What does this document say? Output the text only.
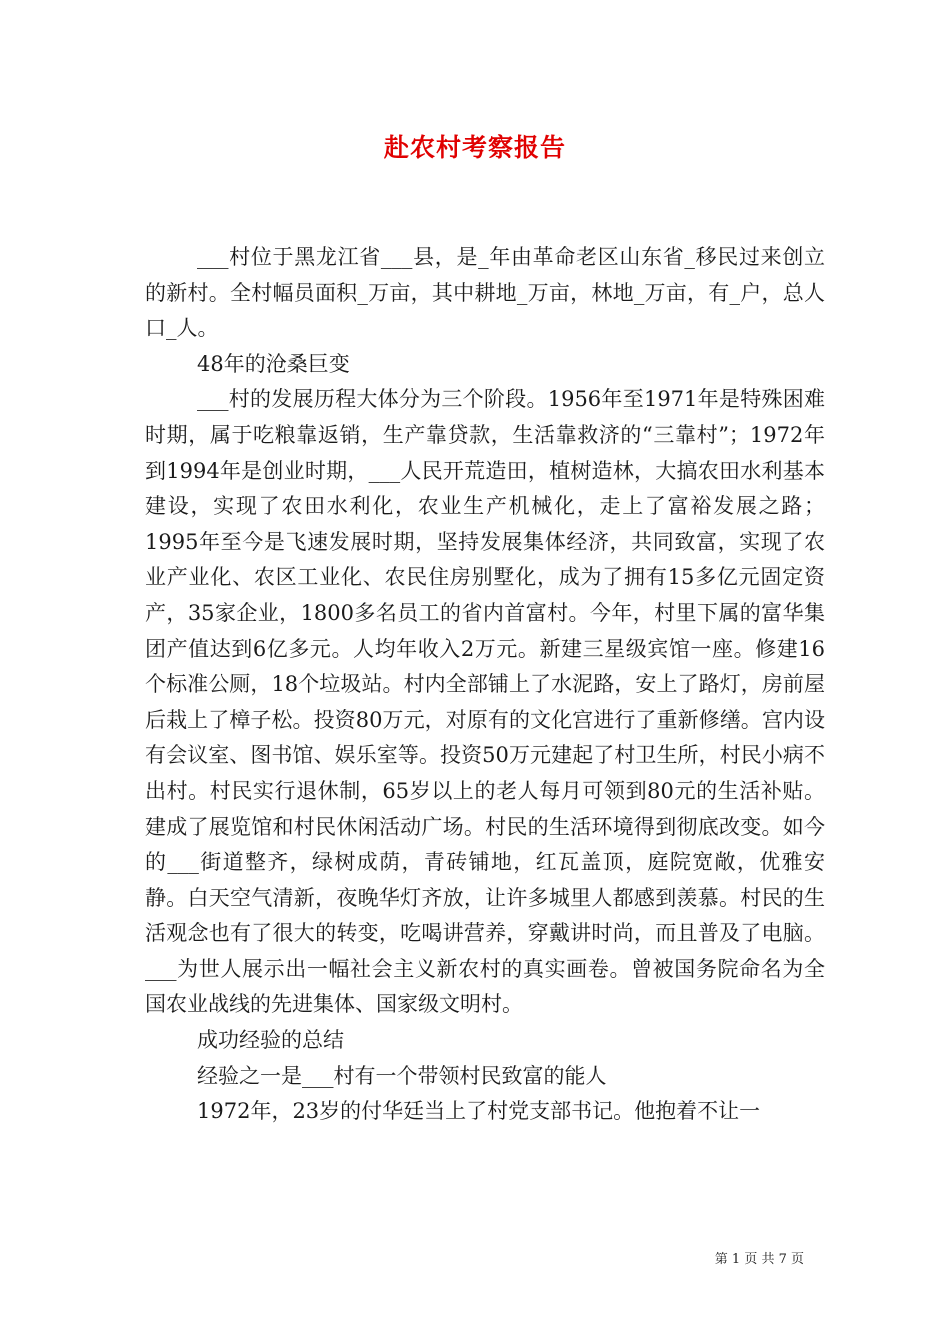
赴农村考察报告

___村位于黑龙江省___县，是_年由革命老区山东省_移民过来创立的新村。全村幅员面积_万亩，其中耕地_万亩，林地_万亩，有_户，总人口_人。

48年的沧桑巨变

___村的发展历程大体分为三个阶段。1956年至1971年是特殊困难时期，属于吃粮靠返销，生产靠贷款，生活靠救济的“三靠村”；1972年到1994年是创业时期，___人民开荒造田，植树造林，大搞农田水利基本建设，实现了农田水利化，农业生产机械化，走上了富裕发展之路；1995年至今是飞速发展时期，坚持发展集体经济，共同致富，实现了农业产业化、农区工业化、农民住房别墅化，成为了拥有15多亿元固定资产，35家企业，1800多名员工的省内首富村。今年，村里下属的富华集团产值达到6亿多元。人均年收入2万元。新建三星级宾馆一座。修建16个标准公厕，18个垃圾站。村内全部铺上了水泥路，安上了路灯，房前屋后栽上了樟子松。投资80万元，对原有的文化宫进行了重新修缮。宫内设有会议室、图书馆、娱乐室等。投资50万元建起了村卫生所，村民小病不出村。村民实行退休制，65岁以上的老人每月可领到80元的生活补贴。建成了展览馆和村民休闲活动广场。村民的生活环境得到彻底改变。如今的___街道整齐，绿树成荫，青砖铺地，红瓦盖顶，庭院宽敞，优雅安静。白天空气清新，夜晚华灯齐放，让许多城里人都感到羡慕。村民的生活观念也有了很大的转变，吃喝讲营养，穿戴讲时尚，而且普及了电脑。___为世人展示出一幅社会主义新农村的真实画卷。曾被国务院命名为全国农业战线的先进集体、国家级文明村。

成功经验的总结

经验之一是___村有一个带领村民致富的能人

1972年，23岁的付华廷当上了村党支部书记。他抱着不让一

第 1 页 共 7 页
